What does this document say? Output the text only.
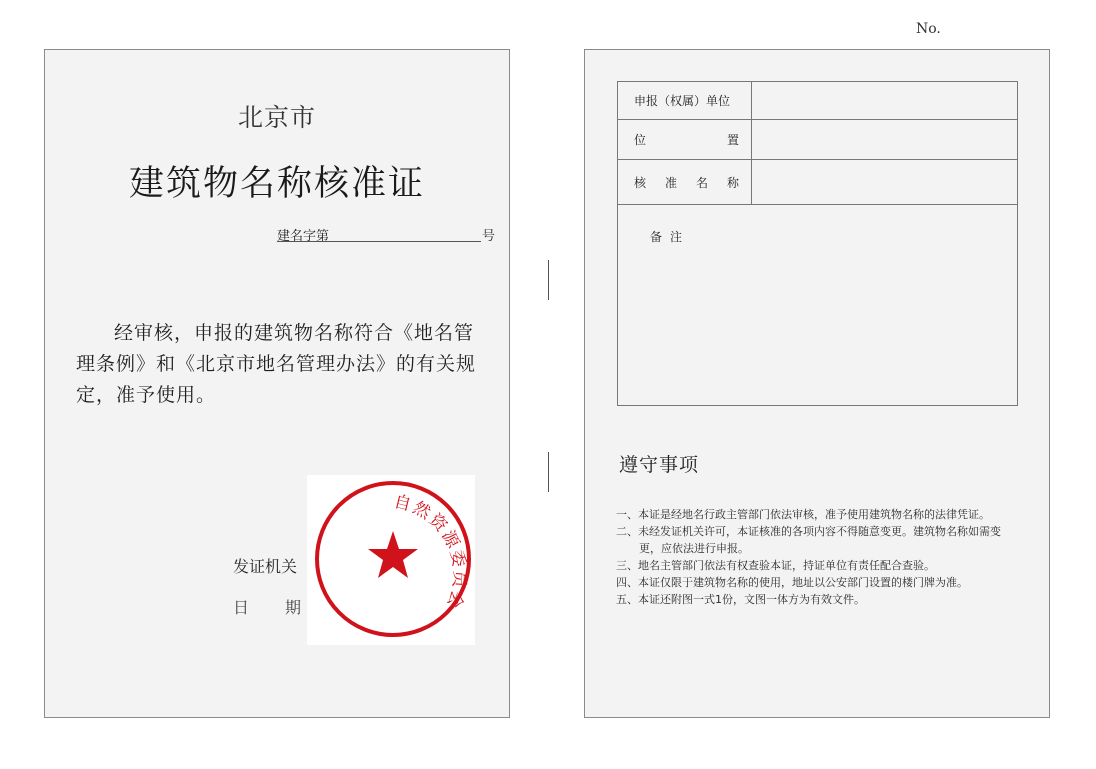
No.
北京市
建筑物名称核准证
建名字第	号

经审核，申报的建筑物名称符合《地名管理条例》和《北京市地名管理办法》的有关规定，准予使用。

自然资源委员会
发证机关
日期
申报（权属）单位
位	置
核 准 名 称
备注
遵守事项
一、本证是经地名行政主管部门依法审核，准予使用建筑物名称的法律凭证。
二、未经发证机关许可，本证核准的各项内容不得随意变更。建筑物名称如需变更，应依法进行申报。
三、地名主管部门依法有权查验本证，持证单位有责任配合查验。
四、本证仅限于建筑物名称的使用，地址以公安部门设置的楼门牌为准。
五、本证还附图一式1份，文图一体方为有效文件。
